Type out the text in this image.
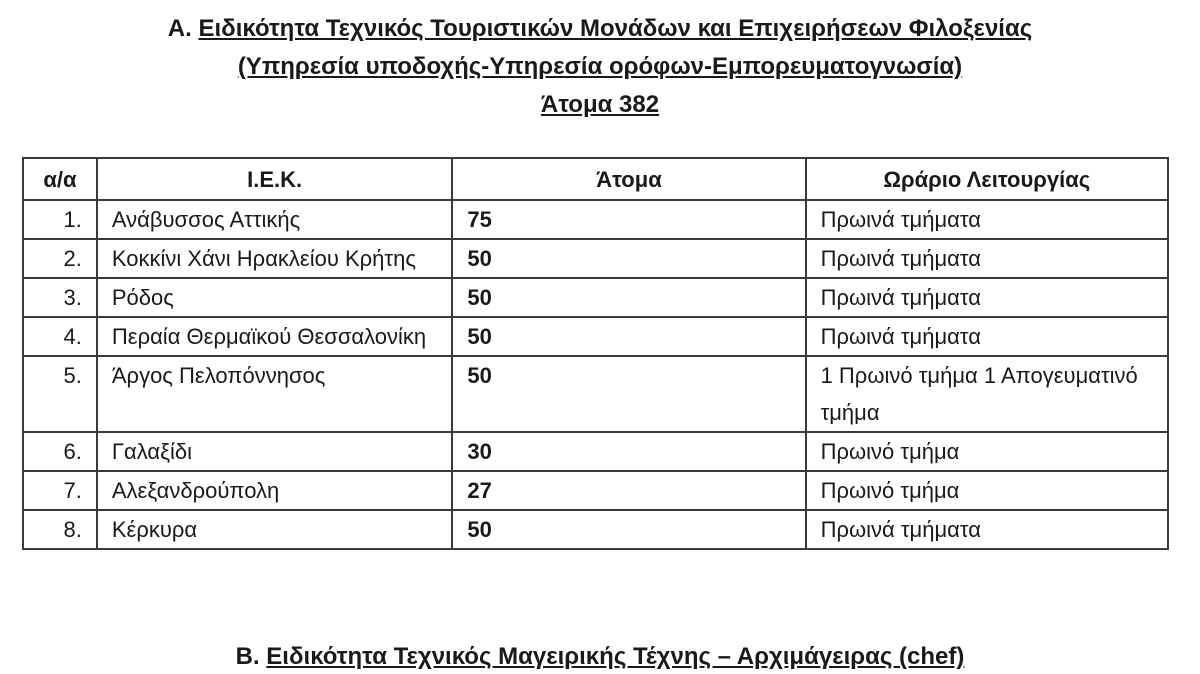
Α. Ειδικότητα Τεχνικός Τουριστικών Μονάδων και Επιχειρήσεων Φιλοξενίας
(Υπηρεσία υποδοχής-Υπηρεσία ορόφων-Εμπορευματογνωσία)
Άτομα 382
α/α	Ι.Ε.Κ.	Άτομα	Ωράριο Λειτουργίας
1.	Ανάβυσσος Αττικής	75	Πρωινά τμήματα
2.	Κοκκίνι Χάνι Ηρακλείου Κρήτης	50	Πρωινά τμήματα
3.	Ρόδος	50	Πρωινά τμήματα
4.	Περαία Θερμαϊκού Θεσσαλονίκη	50	Πρωινά τμήματα
5.	Άργος Πελοπόννησος	50	1 Πρωινό τμήμα 1 Απογευματινό τμήμα
6.	Γαλαξίδι	30	Πρωινό τμήμα
7.	Αλεξανδρούπολη	27	Πρωινό τμήμα
8.	Κέρκυρα	50	Πρωινά τμήματα
Β. Ειδικότητα Τεχνικός Μαγειρικής Τέχνης – Αρχιμάγειρας (chef)
